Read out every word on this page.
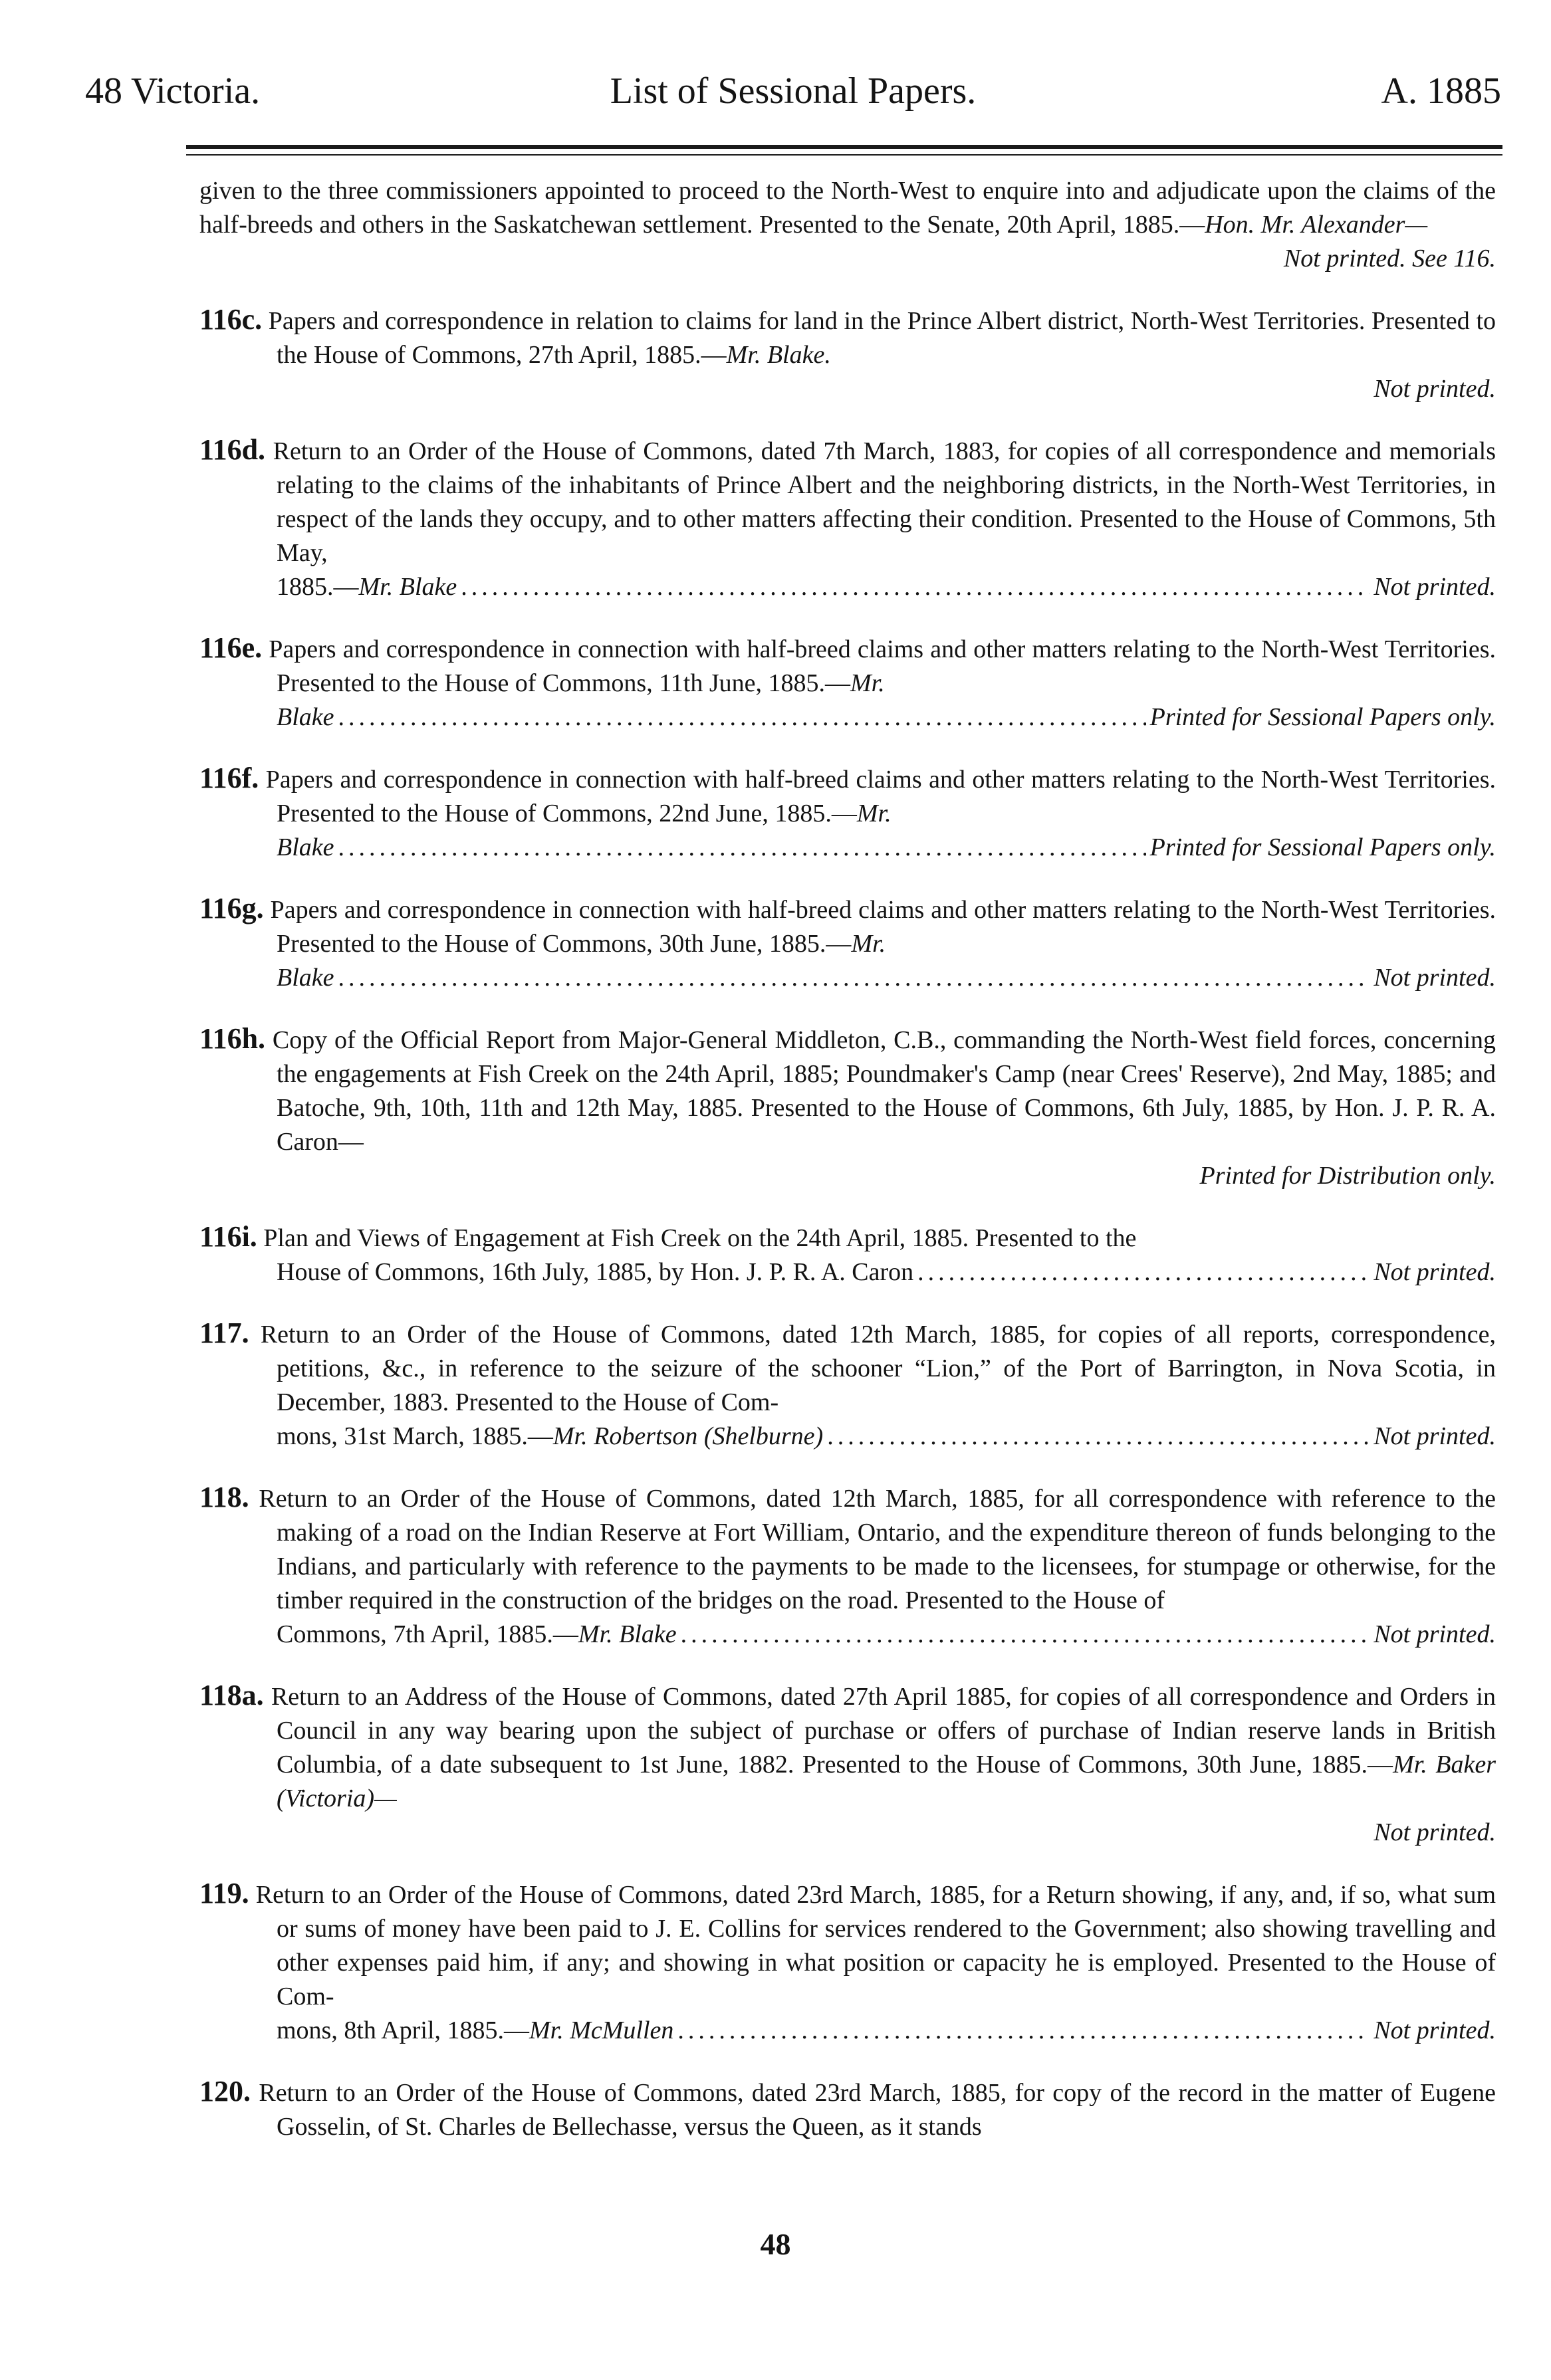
48 Victoria.	List of Sessional Papers.	A. 1885

given to the three commissioners appointed to proceed to the North-West to enquire into and adjudicate upon the claims of the half-breeds and others in the Saskatchewan settlement. Presented to the Senate, 20th April, 1885.—Hon. Mr. Alexander—

Not printed. See 116.

116c. Papers and correspondence in relation to claims for land in the Prince Albert district, North-West Territories. Presented to the House of Commons, 27th April, 1885.—Mr. Blake.

Not printed.

116d. Return to an Order of the House of Commons, dated 7th March, 1883, for copies of all correspondence and memorials relating to the claims of the inhabitants of Prince Albert and the neighboring districts, in the North-West Territories, in respect of the lands they occupy, and to other matters affecting their condition. Presented to the House of Commons, 5th May,

1885.—Mr. Blake .....	Not printed.

116e. Papers and correspondence in connection with half-breed claims and other matters relating to the North-West Territories. Presented to the House of Commons, 11th June, 1885.—Mr.

Blake .....	Printed for Sessional Papers only.

116f. Papers and correspondence in connection with half-breed claims and other matters relating to the North-West Territories. Presented to the House of Commons, 22nd June, 1885.—Mr.

Blake .....	Printed for Sessional Papers only.

116g. Papers and correspondence in connection with half-breed claims and other matters relating to the North-West Territories. Presented to the House of Commons, 30th June, 1885.—Mr.

Blake .....	Not printed.

116h. Copy of the Official Report from Major-General Middleton, C.B., commanding the North-West field forces, concerning the engagements at Fish Creek on the 24th April, 1885; Poundmaker's Camp (near Crees' Reserve), 2nd May, 1885; and Batoche, 9th, 10th, 11th and 12th May, 1885. Presented to the House of Commons, 6th July, 1885, by Hon. J. P. R. A. Caron—

Printed for Distribution only.

116i. Plan and Views of Engagement at Fish Creek on the 24th April, 1885. Presented to the

House of Commons, 16th July, 1885, by Hon. J. P. R. A. Caron .....	Not printed.

117. Return to an Order of the House of Commons, dated 12th March, 1885, for copies of all reports, correspondence, petitions, &c., in reference to the seizure of the schooner “Lion,” of the Port of Barrington, in Nova Scotia, in December, 1883. Presented to the House of Com-

mons, 31st March, 1885.—Mr. Robertson (Shelburne) .....	Not printed.

118. Return to an Order of the House of Commons, dated 12th March, 1885, for all correspondence with reference to the making of a road on the Indian Reserve at Fort William, Ontario, and the expenditure thereon of funds belonging to the Indians, and particularly with reference to the payments to be made to the licensees, for stumpage or otherwise, for the timber required in the construction of the bridges on the road. Presented to the House of

Commons, 7th April, 1885.—Mr. Blake .....	Not printed.

118a. Return to an Address of the House of Commons, dated 27th April 1885, for copies of all correspondence and Orders in Council in any way bearing upon the subject of purchase or offers of purchase of Indian reserve lands in British Columbia, of a date subsequent to 1st June, 1882. Presented to the House of Commons, 30th June, 1885.—Mr. Baker (Victoria)—

Not printed.

119. Return to an Order of the House of Commons, dated 23rd March, 1885, for a Return showing, if any, and, if so, what sum or sums of money have been paid to J. E. Collins for services rendered to the Government; also showing travelling and other expenses paid him, if any; and showing in what position or capacity he is employed. Presented to the House of Com-

mons, 8th April, 1885.—Mr. McMullen .....	Not printed.

120. Return to an Order of the House of Commons, dated 23rd March, 1885, for copy of the record in the matter of Eugene Gosselin, of St. Charles de Bellechasse, versus the Queen, as it stands

48
